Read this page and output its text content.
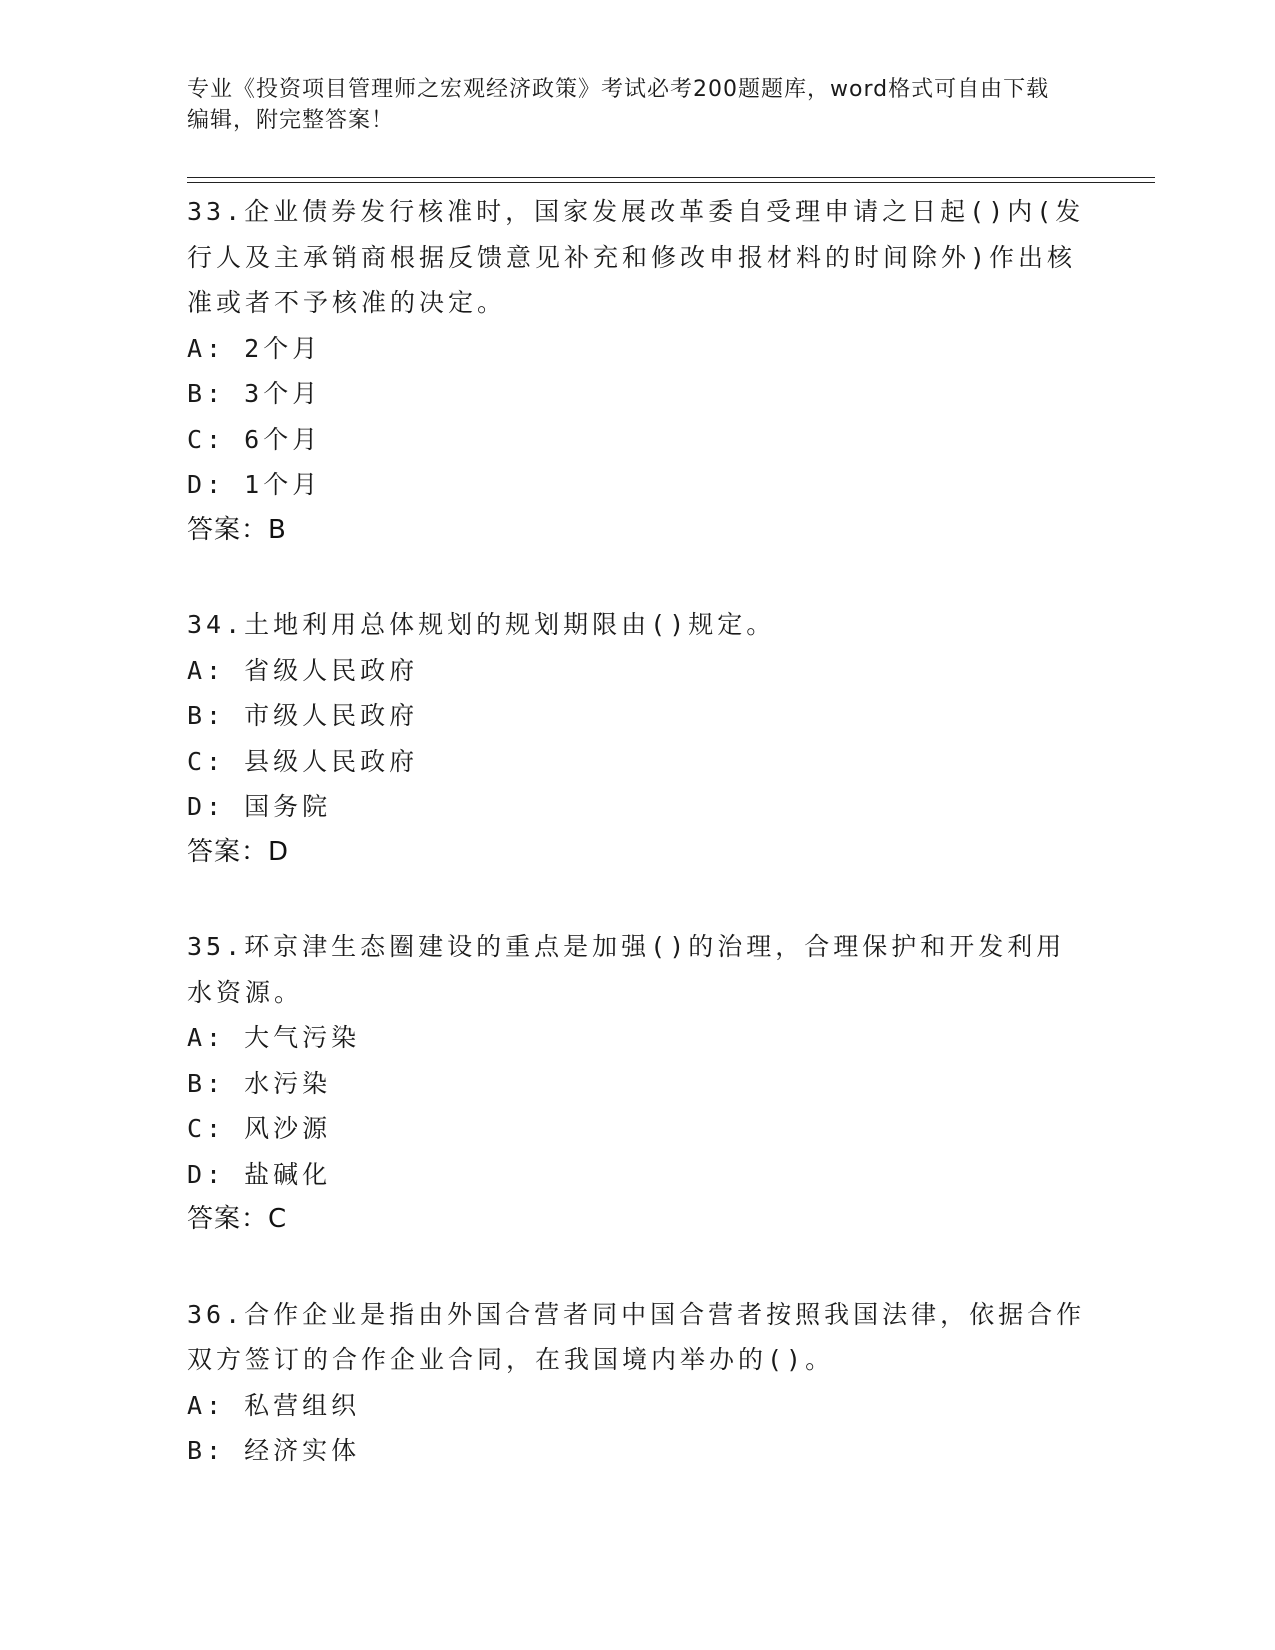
专业《投资项目管理师之宏观经济政策》考试必考200题题库，word格式可自由下载编辑，附完整答案！

33.企业债券发行核准时，国家发展改革委自受理申请之日起()内(发行人及主承销商根据反馈意见补充和修改申报材料的时间除外)作出核准或者不予核准的决定。

A: 2个月

B: 3个月

C: 6个月

D: 1个月

答案：B

34.土地利用总体规划的规划期限由()规定。

A: 省级人民政府

B: 市级人民政府

C: 县级人民政府

D: 国务院

答案：D

35.环京津生态圈建设的重点是加强()的治理，合理保护和开发利用水资源。

A: 大气污染

B: 水污染

C: 风沙源

D: 盐碱化

答案：C

36.合作企业是指由外国合营者同中国合营者按照我国法律，依据合作双方签订的合作企业合同，在我国境内举办的()。

A: 私营组织

B: 经济实体
